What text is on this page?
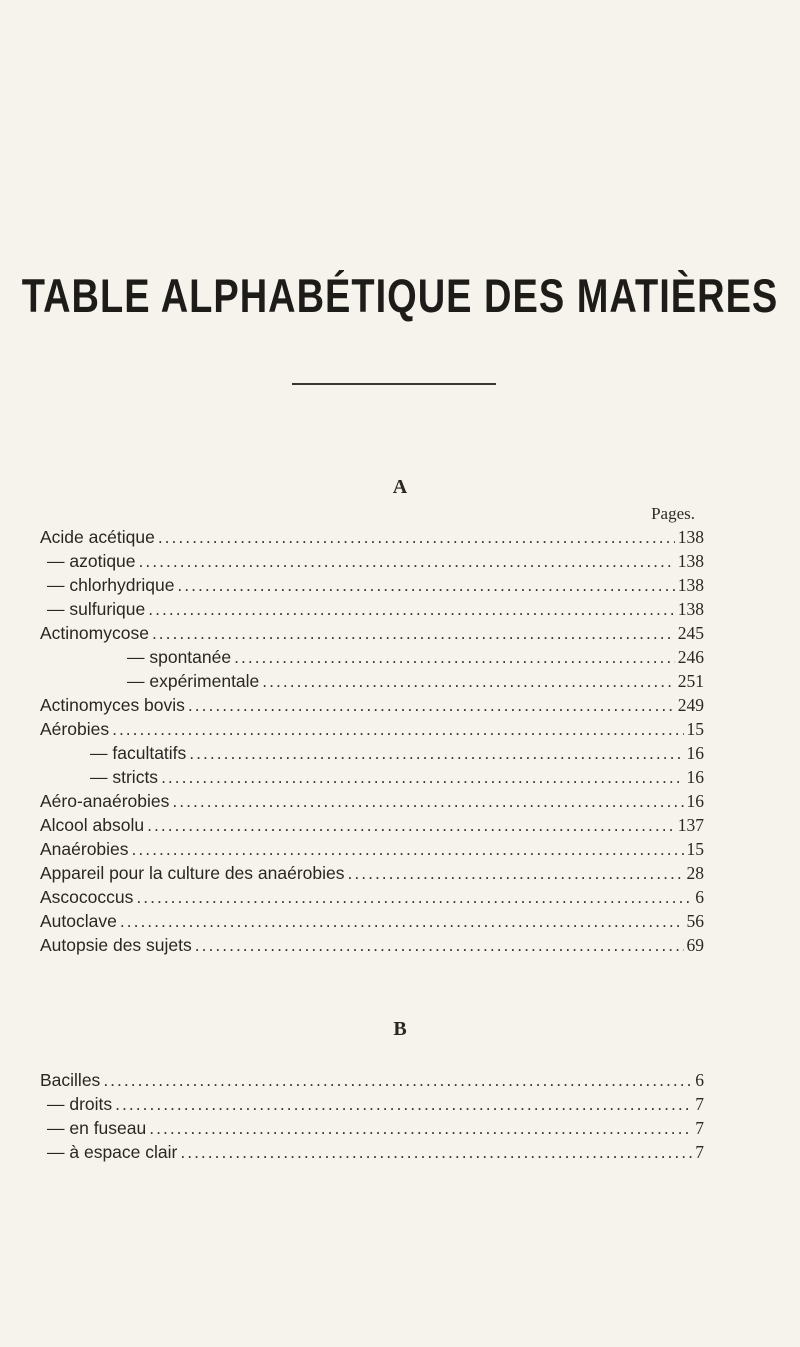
TABLE ALPHABÉTIQUE DES MATIÈRES
A
Pages.
Acide acétique .....	138
— azotique .....	138
— chlorhydrique .....	138
— sulfurique .....	138
Actinomycose .....	245
— spontanée .....	246
— expérimentale .....	251
Actinomyces bovis .....	249
Aérobies .....	15
— facultatifs .....	16
— stricts .....	16
Aéro-anaérobies .....	16
Alcool absolu .....	137
Anaérobies .....	15
Appareil pour la culture des anaérobies .....	28
Ascococcus .....	6
Autoclave .....	56
Autopsie des sujets .....	69
B
Bacilles .....	6
— droits .....	7
— en fuseau .....	7
— à espace clair .....	7
